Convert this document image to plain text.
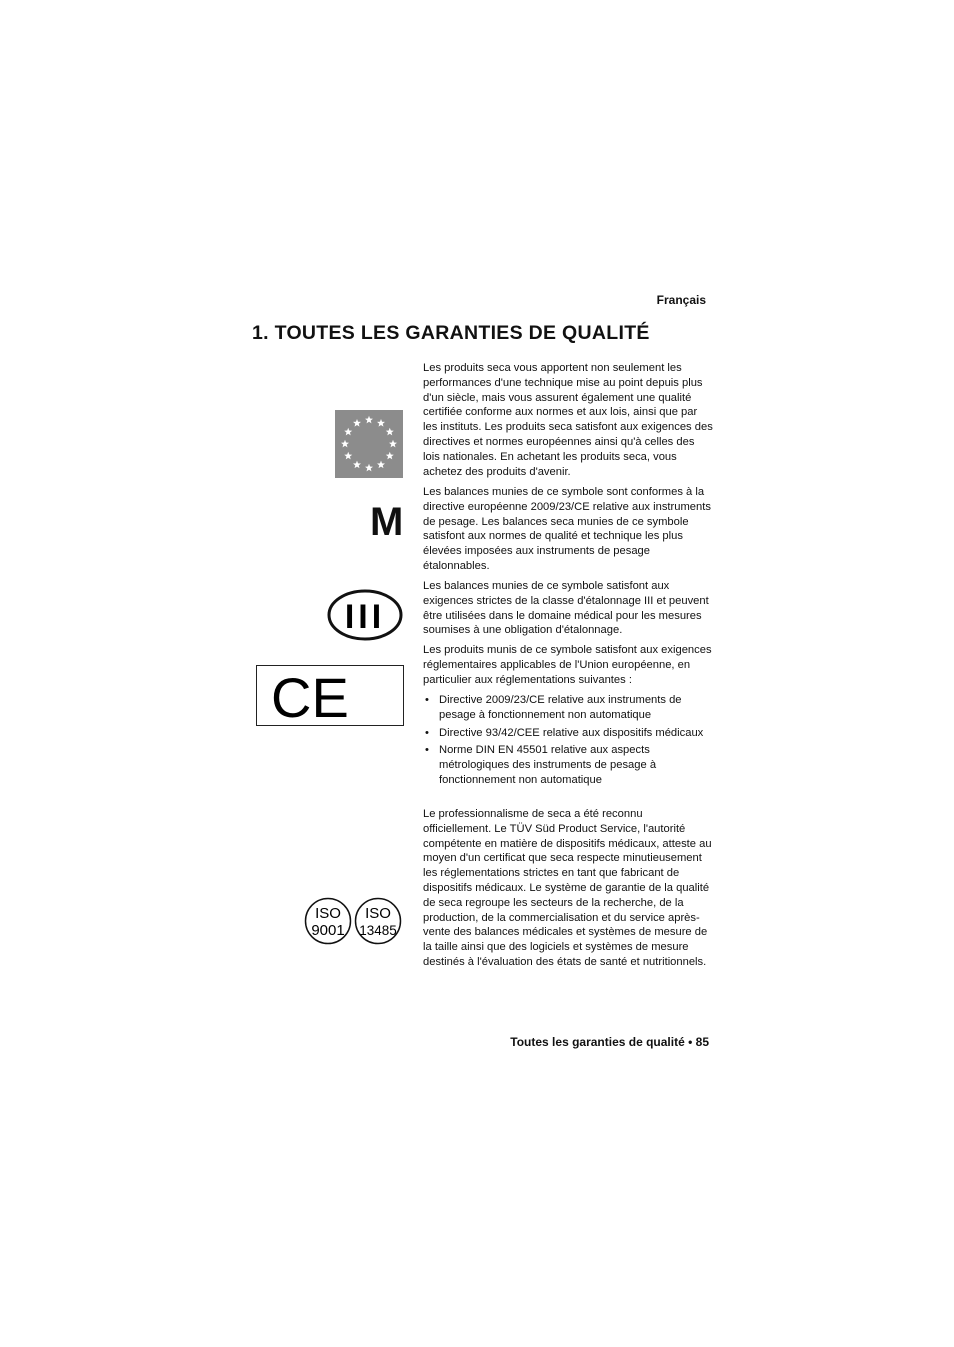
Français
1. TOUTES LES GARANTIES DE QUALITÉ
M
III
CE
ISO
9001
ISO
13485

Les produits seca vous apportent non seulement les performances d'une technique mise au point depuis plus d'un siècle, mais vous assurent également une qualité certifiée conforme aux normes et aux lois, ainsi que par les instituts. Les produits seca satisfont aux exigences des directives et normes européennes ainsi qu'à celles des lois nationales. En achetant les produits seca, vous achetez des produits d'avenir.

Les balances munies de ce symbole sont conformes à la directive européenne 2009/23/CE relative aux instruments de pesage. Les balances seca munies de ce symbole satisfont aux normes de qualité et technique les plus élevées imposées aux instruments de pesage étalonnables.

Les balances munies de ce symbole satisfont aux exigences strictes de la classe d'étalonnage III et peuvent être utilisées dans le domaine médical pour les mesures soumises à une obligation d'étalonnage.

Les produits munis de ce symbole satisfont aux exigences réglementaires applicables de l'Union européenne, en particulier aux réglementations suivantes :

• Directive 2009/23/CE relative aux instruments de pesage à fonctionnement non automatique
• Directive 93/42/CEE relative aux dispositifs médicaux
• Norme DIN EN 45501 relative aux aspects métrologiques des instruments de pesage à fonctionnement non automatique

Le professionnalisme de seca a été reconnu officiellement. Le TÜV Süd Product Service, l'autorité compétente en matière de dispositifs médicaux, atteste au moyen d'un certificat que seca respecte minutieusement les réglementations strictes en tant que fabricant de dispositifs médicaux. Le système de garantie de la qualité de seca regroupe les secteurs de la recherche, de la production, de la commercialisation et du service après-vente des balances médicales et systèmes de mesure de la taille ainsi que des logiciels et systèmes de mesure destinés à l'évaluation des états de santé et nutritionnels.

Toutes les garanties de qualité • 85
